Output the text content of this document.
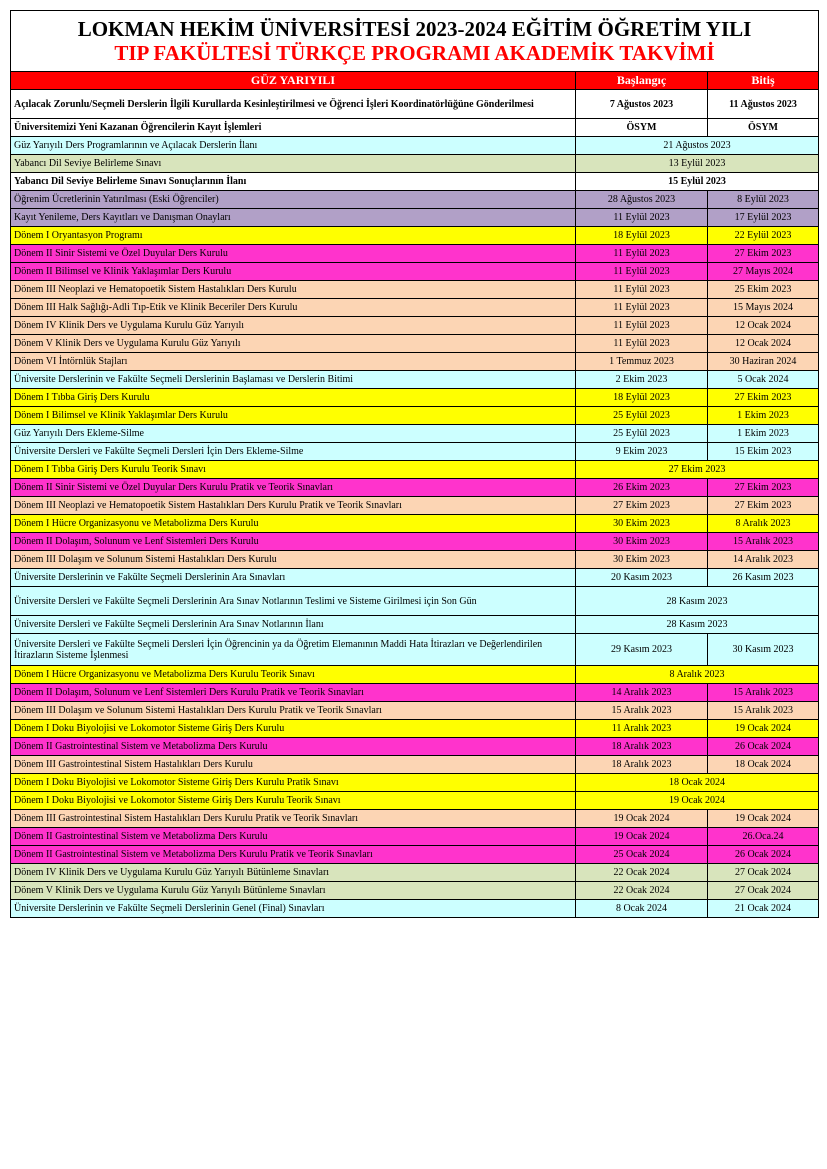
LOKMAN HEKİM ÜNİVERSİTESİ 2023-2024 EĞİTİM ÖĞRETİM YILI
TIP FAKÜLTESİ TÜRKÇE PROGRAMI AKADEMİK TAKVİMİ		

GÜZ YARIYILI	Başlangıç	Bitiş
Açılacak Zorunlu/Seçmeli Derslerin İlgili Kurullarda Kesinleştirilmesi ve Öğrenci İşleri Koordinatörlüğüne Gönderilmesi	7 Ağustos 2023	11 Ağustos 2023
Üniversitemizi Yeni Kazanan Öğrencilerin Kayıt İşlemleri	ÖSYM	ÖSYM
Güz Yarıyılı Ders Programlarının ve Açılacak Derslerin İlanı	21 Ağustos 2023	
Yabancı Dil Seviye Belirleme Sınavı	13 Eylül 2023	
Yabancı Dil Seviye Belirleme Sınavı Sonuçlarının İlanı	15 Eylül 2023	
Öğrenim Ücretlerinin Yatırılması (Eski Öğrenciler)	28 Ağustos 2023	8 Eylül 2023
Kayıt Yenileme, Ders Kayıtları ve Danışman Onayları	11 Eylül 2023	17 Eylül 2023
Dönem I Oryantasyon Programı	18 Eylül 2023	22 Eylül 2023
Dönem II Sinir Sistemi ve Özel Duyular Ders Kurulu	11 Eylül 2023	27 Ekim 2023
Dönem II Bilimsel ve Klinik Yaklaşımlar Ders Kurulu	11 Eylül 2023	27 Mayıs 2024
Dönem III Neoplazi ve Hematopoetik Sistem Hastalıkları Ders Kurulu	11 Eylül 2023	25 Ekim 2023
Dönem III Halk Sağlığı-Adli Tıp-Etik ve Klinik Beceriler Ders Kurulu	11 Eylül 2023	15 Mayıs 2024
Dönem IV Klinik Ders ve Uygulama Kurulu Güz Yarıyılı	11 Eylül 2023	12 Ocak 2024
Dönem V Klinik Ders ve Uygulama Kurulu Güz Yarıyılı	11 Eylül 2023	12 Ocak 2024
Dönem VI İntörnlük Stajları	1 Temmuz 2023	30 Haziran 2024
Üniversite Derslerinin ve Fakülte Seçmeli Derslerinin Başlaması ve Derslerin Bitimi	2 Ekim 2023	5 Ocak 2024
Dönem I Tıbba Giriş Ders Kurulu	18 Eylül 2023	27 Ekim 2023
Dönem I Bilimsel ve Klinik Yaklaşımlar Ders Kurulu	25 Eylül 2023	1 Ekim 2023
Güz Yarıyılı Ders Ekleme-Silme	25 Eylül 2023	1 Ekim 2023
Üniversite Dersleri ve Fakülte Seçmeli Dersleri İçin Ders Ekleme-Silme	9 Ekim 2023	15 Ekim 2023
Dönem I Tıbba Giriş Ders Kurulu Teorik Sınavı	27 Ekim 2023	
Dönem II Sinir Sistemi ve Özel Duyular Ders Kurulu Pratik ve Teorik Sınavları	26 Ekim 2023	27 Ekim 2023
Dönem III Neoplazi ve Hematopoetik Sistem Hastalıkları Ders Kurulu Pratik ve Teorik Sınavları	27 Ekim 2023	27 Ekim 2023
Dönem I Hücre Organizasyonu ve Metabolizma Ders Kurulu	30 Ekim 2023	8 Aralık 2023
Dönem II Dolaşım, Solunum ve Lenf Sistemleri Ders Kurulu	30 Ekim 2023	15 Aralık 2023
Dönem III Dolaşım ve Solunum Sistemi Hastalıkları Ders Kurulu	30 Ekim 2023	14 Aralık 2023
Üniversite Derslerinin ve Fakülte Seçmeli Derslerinin Ara Sınavları	20 Kasım 2023	26 Kasım 2023
Üniversite Dersleri ve Fakülte Seçmeli Derslerinin Ara Sınav Notlarının Teslimi ve Sisteme Girilmesi için Son Gün	28 Kasım 2023	
Üniversite Dersleri ve Fakülte Seçmeli Derslerinin Ara Sınav Notlarının İlanı	28 Kasım 2023	
Üniversite Dersleri ve Fakülte Seçmeli Dersleri İçin Öğrencinin ya da Öğretim Elemanının Maddi Hata İtirazları ve Değerlendirilen İtirazların Sisteme İşlenmesi	29 Kasım 2023	30 Kasım 2023
Dönem I Hücre Organizasyonu ve Metabolizma Ders Kurulu Teorik Sınavı	8 Aralık 2023	
Dönem II Dolaşım, Solunum ve Lenf Sistemleri Ders Kurulu Pratik ve Teorik Sınavları	14 Aralık 2023	15 Aralık 2023
Dönem III Dolaşım ve Solunum Sistemi Hastalıkları Ders Kurulu Pratik ve Teorik Sınavları	15 Aralık 2023	15 Aralık 2023
Dönem I Doku Biyolojisi ve Lokomotor Sisteme Giriş Ders Kurulu	11 Aralık 2023	19 Ocak 2024
Dönem II Gastrointestinal Sistem ve Metabolizma Ders Kurulu	18 Aralık 2023	26 Ocak 2024
Dönem III Gastrointestinal Sistem Hastalıkları Ders Kurulu	18 Aralık 2023	18 Ocak 2024
Dönem I Doku Biyolojisi ve Lokomotor Sisteme Giriş Ders Kurulu Pratik Sınavı	18 Ocak 2024	
Dönem I Doku Biyolojisi ve Lokomotor Sisteme Giriş Ders Kurulu Teorik Sınavı	19 Ocak 2024	
Dönem III Gastrointestinal Sistem Hastalıkları Ders Kurulu Pratik ve Teorik Sınavları	19 Ocak 2024	19 Ocak 2024
Dönem II Gastrointestinal Sistem ve Metabolizma Ders Kurulu	19 Ocak 2024	26.Oca.24
Dönem II Gastrointestinal Sistem ve Metabolizma Ders Kurulu Pratik ve Teorik Sınavları	25 Ocak 2024	26 Ocak 2024
Dönem IV Klinik Ders ve Uygulama Kurulu Güz Yarıyılı Bütünleme Sınavları	22 Ocak 2024	27 Ocak 2024
Dönem V Klinik Ders ve Uygulama Kurulu Güz Yarıyılı Bütünleme Sınavları	22 Ocak 2024	27 Ocak 2024
Üniversite Derslerinin ve Fakülte Seçmeli Derslerinin Genel (Final) Sınavları	8 Ocak 2024	21 Ocak 2024
